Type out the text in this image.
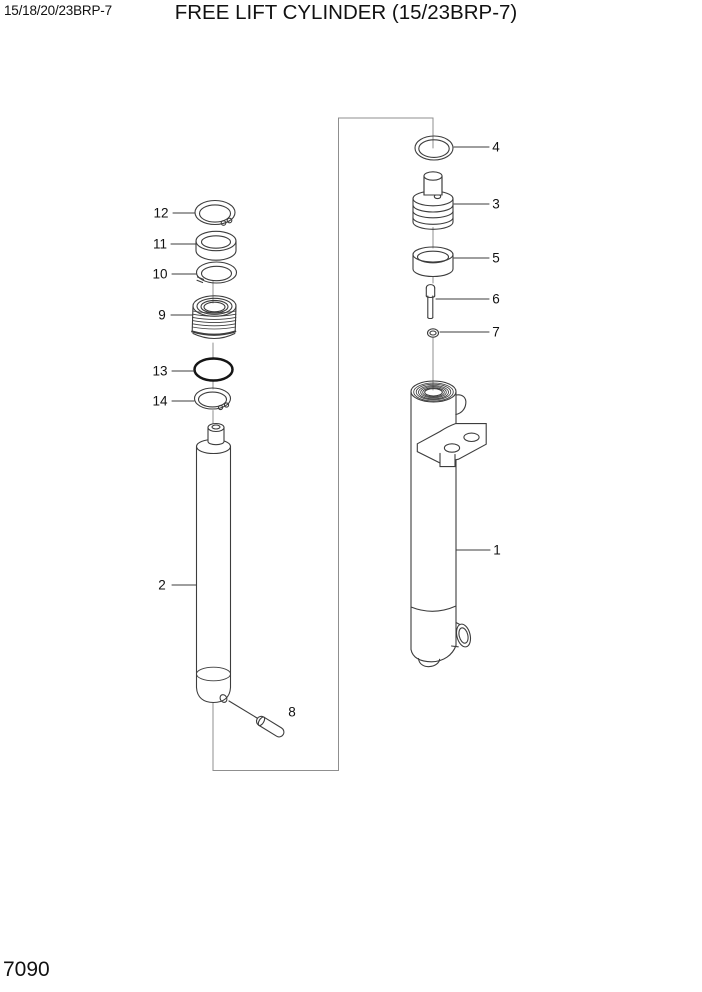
15/18/20/23BRP-7	FREE LIFT CYLINDER (15/23BRP-7)
1
2
3
4
5
6
7
8
9
10
11
12
13
14
7090
